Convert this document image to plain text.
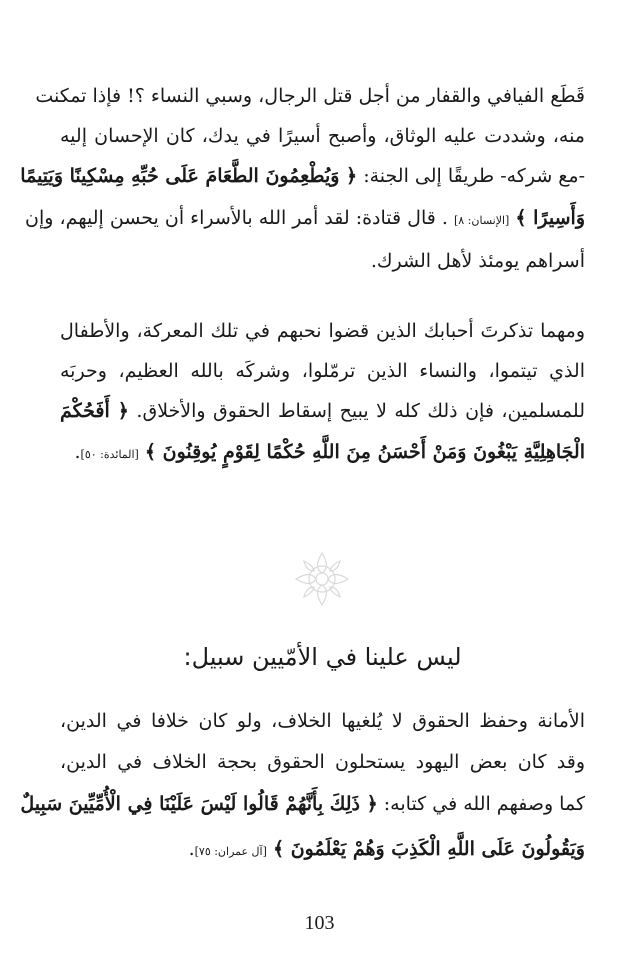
قَطَع الفيافي والقفار من أجل قتل الرجال، وسبي النساء ؟! فإذا تمكنت
منه، وشددت عليه الوثاق، وأصبح أسيرًا في يدك، كان الإحسان إليه
-مع شركه- طريقًا إلى الجنة: ﴿ وَيُطْعِمُونَ الطَّعَامَ عَلَى حُبِّهِ مِسْكِينًا وَيَتِيمًا
وَأَسِيرًا ﴾ [الإنسان: ٨] . قال قتادة: لقد أمر الله بالأسراء أن يحسن إليهم، وإن
أسراهم يومئذ لأهل الشرك.
ومهما تذكرتَ أحبابك الذين قضوا نحبهم في تلك المعركة، والأطفال
الذي تيتموا، والنساء الذين ترمّلوا، وشركَه بالله العظيم، وحربَه
للمسلمين، فإن ذلك كله لا يبيح إسقاط الحقوق والأخلاق. ﴿ أَفَحُكْمَ
الْجَاهِلِيَّةِ يَبْغُونَ وَمَنْ أَحْسَنُ مِنَ اللَّهِ حُكْمًا لِقَوْمٍ يُوقِنُونَ ﴾ [المائدة: ٥٠].
ليس علينا في الأمّيين سبيل:
الأمانة وحفظ الحقوق لا يُلغيها الخلاف، ولو كان خلافا في الدين،
وقد كان بعض اليهود يستحلون الحقوق بحجة الخلاف في الدين،
كما وصفهم الله في كتابه: ﴿ ذَلِكَ بِأَنَّهُمْ قَالُوا لَيْسَ عَلَيْنَا فِي الْأُمِّيِّينَ سَبِيلٌ
وَيَقُولُونَ عَلَى اللَّهِ الْكَذِبَ وَهُمْ يَعْلَمُونَ ﴾ [آل عمران: ٧٥].
103
